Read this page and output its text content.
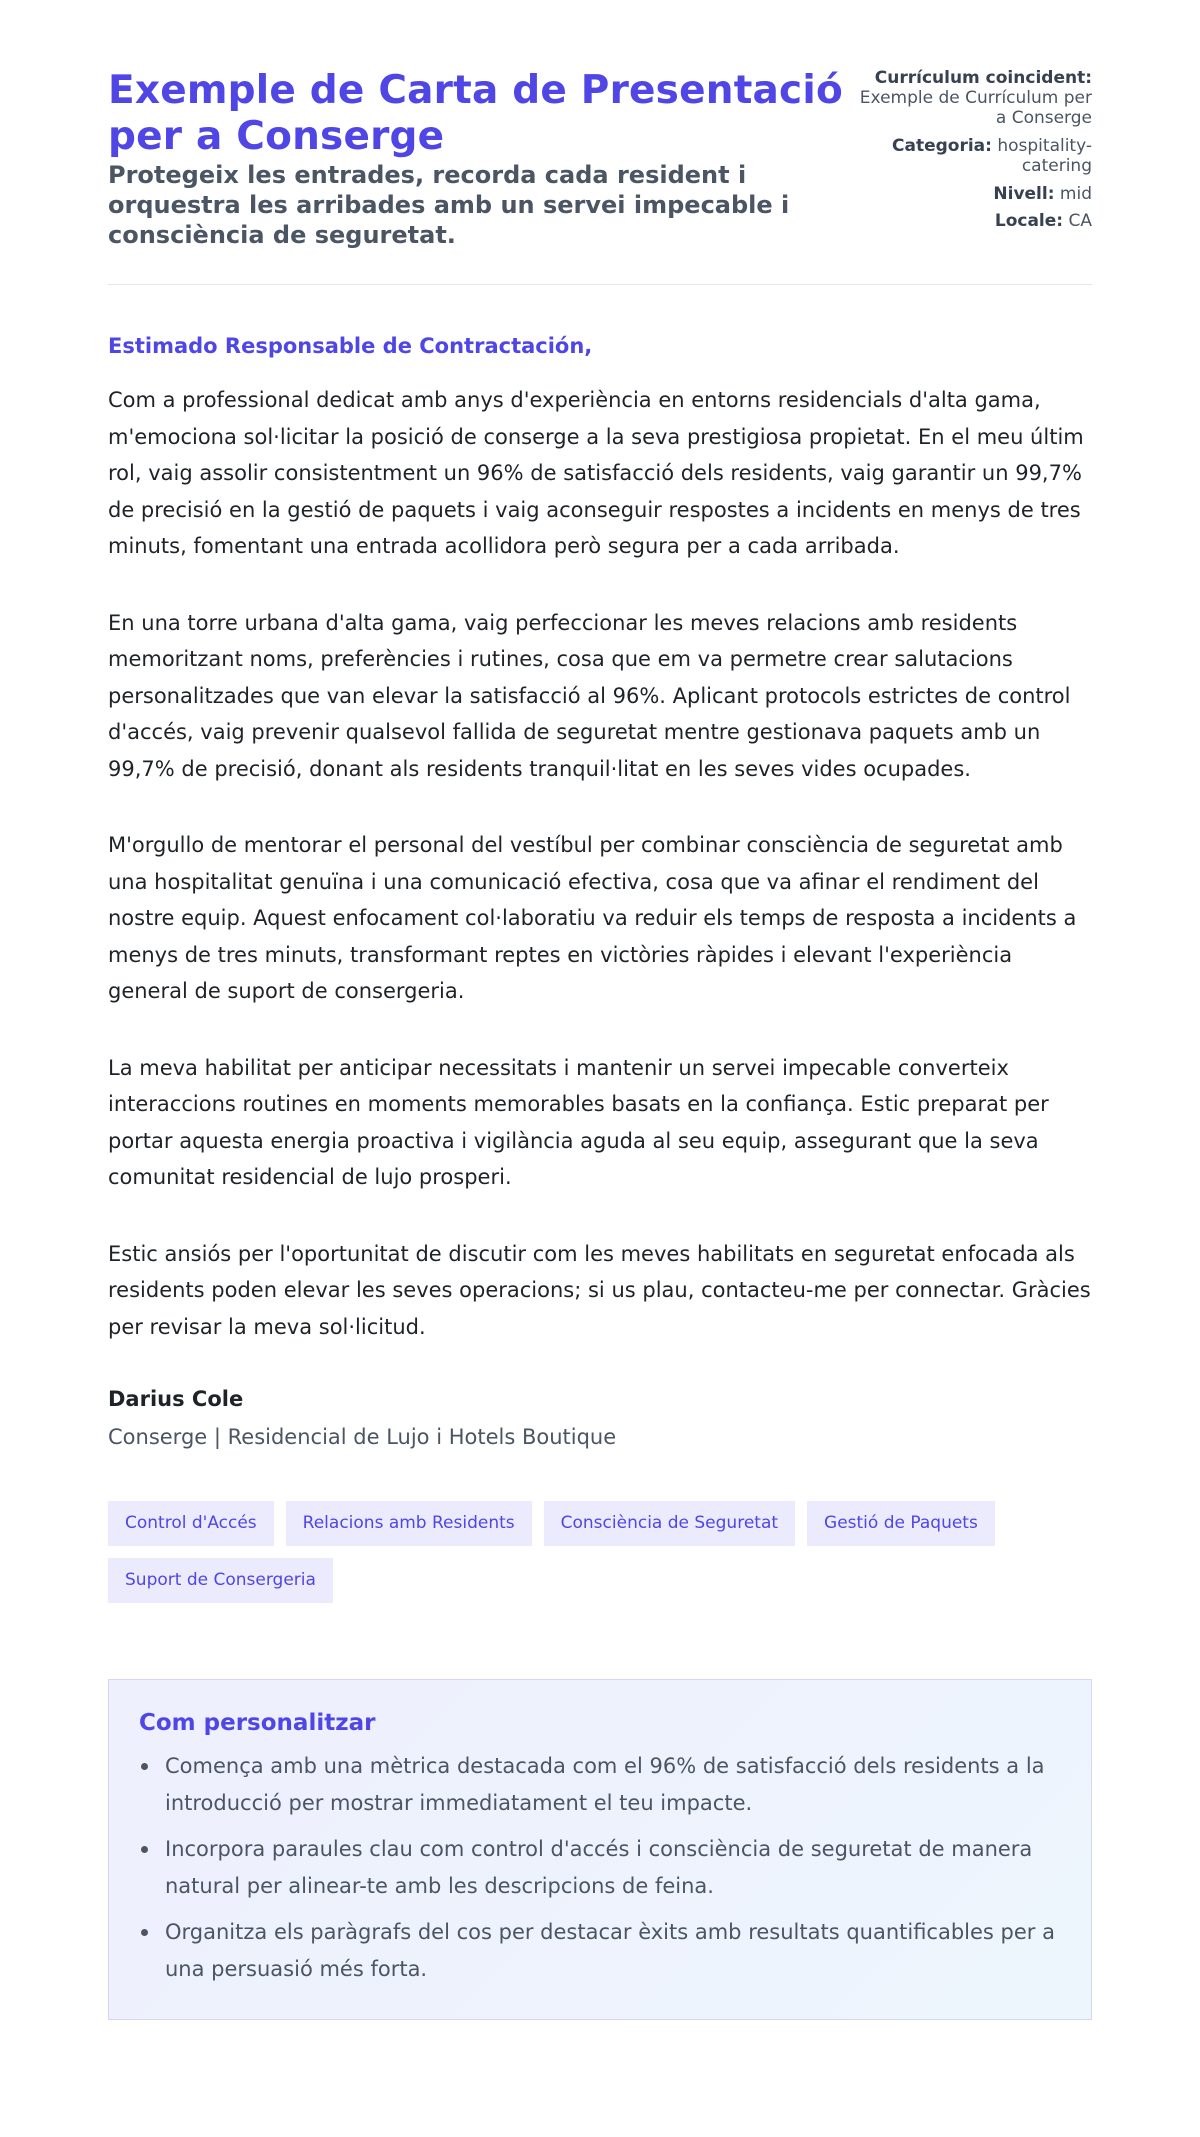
Exemple de Carta de Presentació per a Conserge
Protegeix les entrades, recorda cada resident i orquestra les arribades amb un servei impecable i consciència de seguretat.
Currículum coincident:
Exemple de Currículum per a Conserge
Categoria: hospitality-catering
Nivell: mid
Locale: CA
Estimado Responsable de Contractación,

Com a professional dedicat amb anys d'experiència en entorns residencials d'alta gama, m'emociona sol·licitar la posició de conserge a la seva prestigiosa propietat. En el meu últim rol, vaig assolir consistentment un 96% de satisfacció dels residents, vaig garantir un 99,7% de precisió en la gestió de paquets i vaig aconseguir respostes a incidents en menys de tres minuts, fomentant una entrada acollidora però segura per a cada arribada.

En una torre urbana d'alta gama, vaig perfeccionar les meves relacions amb residents memoritzant noms, preferències i rutines, cosa que em va permetre crear salutacions personalitzades que van elevar la satisfacció al 96%. Aplicant protocols estrictes de control d'accés, vaig prevenir qualsevol fallida de seguretat mentre gestionava paquets amb un 99,7% de precisió, donant als residents tranquil·litat en les seves vides ocupades.

M'orgullo de mentorar el personal del vestíbul per combinar consciència de seguretat amb una hospitalitat genuïna i una comunicació efectiva, cosa que va afinar el rendiment del nostre equip. Aquest enfocament col·laboratiu va reduir els temps de resposta a incidents a menys de tres minuts, transformant reptes en victòries ràpides i elevant l'experiència general de suport de consergeria.

La meva habilitat per anticipar necessitats i mantenir un servei impecable converteix interaccions routines en moments memorables basats en la confiança. Estic preparat per portar aquesta energia proactiva i vigilància aguda al seu equip, assegurant que la seva comunitat residencial de lujo prosperi.

Estic ansiós per l'oportunitat de discutir com les meves habilitats en seguretat enfocada als residents poden elevar les seves operacions; si us plau, contacteu-me per connectar. Gràcies per revisar la meva sol·licitud.

Darius Cole
Conserge | Residencial de Lujo i Hotels Boutique
Control d'Accés	Relacions amb Residents	Consciència de Seguretat	Gestió de Paquets
Suport de Consergeria
Com personalitzar
Comença amb una mètrica destacada com el 96% de satisfacció dels residents a la introducció per mostrar immediatament el teu impacte.
Incorpora paraules clau com control d'accés i consciència de seguretat de manera natural per alinear-te amb les descripcions de feina.
Organitza els paràgrafs del cos per destacar èxits amb resultats quantificables per a una persuasió més forta.
